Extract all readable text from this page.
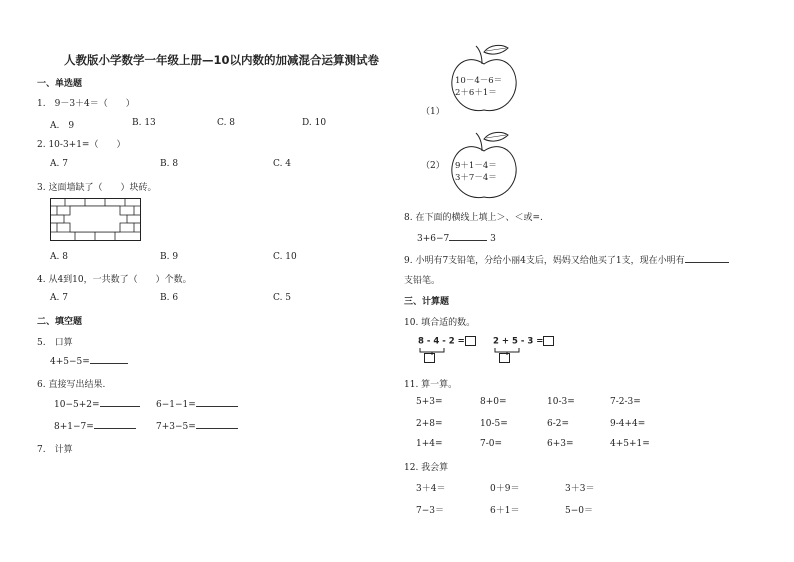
人教版小学数学一年级上册—10以内数的加减混合运算测试卷
一、单选题
1.　9－3＋4＝（　　）
A.　9	B. 13	C. 8	D. 10
2. 10-3+1=（　　）
A. 7	B. 8	C. 4
3. 这面墙缺了（　　）块砖。
A. 8	B. 9	C. 10
4. 从4到10，一共数了（　　）个数。
A. 7	B. 6	C. 5
二、填空题
5.　口算
4+5−5=
6. 直接写出结果.
10−5+2=	6−1−1=
8+1−7=	7+3−5=
7.　计算
（1）
10－4－6＝
2＋6＋1＝
（2） 9＋1－4＝
3＋7－4＝
8. 在下面的横线上填上＞、＜或=.
3+6−7	3
9. 小明有7支铅笔，分给小丽4支后，妈妈又给他买了1支，现在小明有
支铅笔。
三、计算题
10. 填合适的数。
8 - 4 - 2 =	2 + 5 - 3 =
11. 算一算。
5+3=	8+0=	10-3=	7-2-3=
2+8=	10-5=	6-2=	9-4+4=
1+4=	7-0=	6+3=	4+5+1=
12. 我会算
3＋4＝	0＋9＝	3＋3＝
7−3＝	6＋1＝	5−0＝
